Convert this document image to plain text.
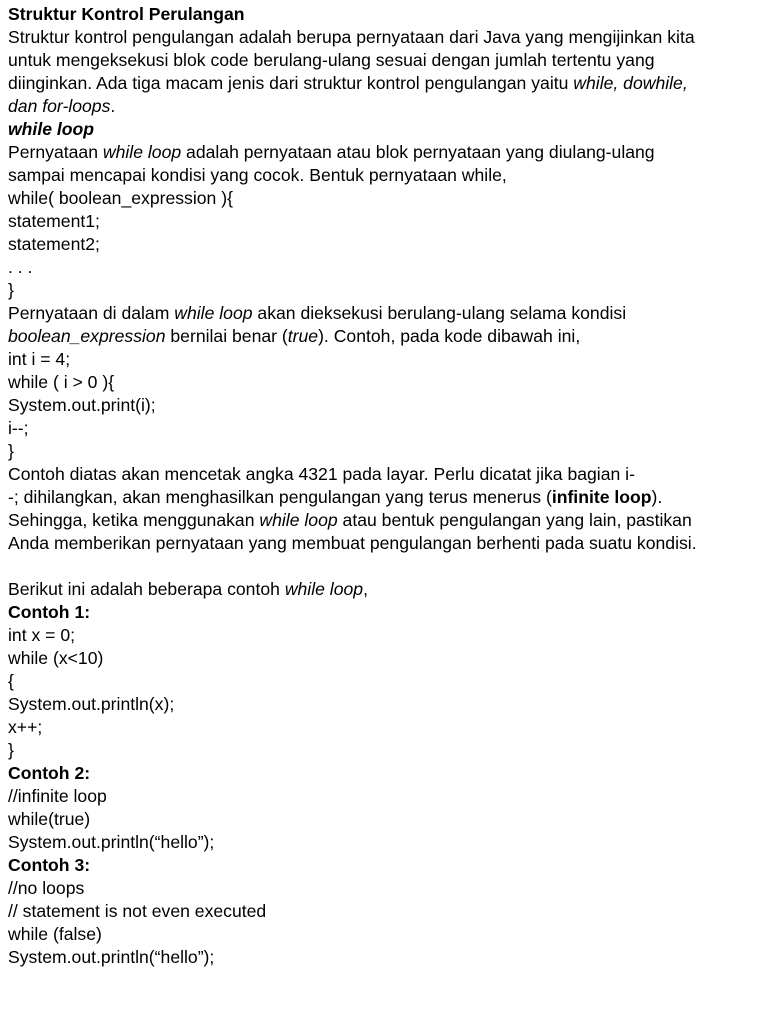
Struktur Kontrol Perulangan
Struktur kontrol pengulangan adalah berupa pernyataan dari Java yang mengijinkan kita
untuk mengeksekusi blok code berulang-ulang sesuai dengan jumlah tertentu yang
diinginkan. Ada tiga macam jenis dari struktur kontrol pengulangan yaitu while, dowhile,
dan for-loops.
while loop
Pernyataan while loop adalah pernyataan atau blok pernyataan yang diulang-ulang
sampai mencapai kondisi yang cocok. Bentuk pernyataan while,
while( boolean_expression ){
statement1;
statement2;
. . .
}
Pernyataan di dalam while loop akan dieksekusi berulang-ulang selama kondisi
boolean_expression bernilai benar (true). Contoh, pada kode dibawah ini,
int i = 4;
while ( i > 0 ){
System.out.print(i);
i--;
}
Contoh diatas akan mencetak angka 4321 pada layar. Perlu dicatat jika bagian i-
-; dihilangkan, akan menghasilkan pengulangan yang terus menerus (infinite loop).
Sehingga, ketika menggunakan while loop atau bentuk pengulangan yang lain, pastikan
Anda memberikan pernyataan yang membuat pengulangan berhenti pada suatu kondisi.
Berikut ini adalah beberapa contoh while loop,
Contoh 1:
int x = 0;
while (x<10)
{
System.out.println(x);
x++;
}
Contoh 2:
//infinite loop
while(true)
System.out.println(“hello”);
Contoh 3:
//no loops
// statement is not even executed
while (false)
System.out.println(“hello”);
